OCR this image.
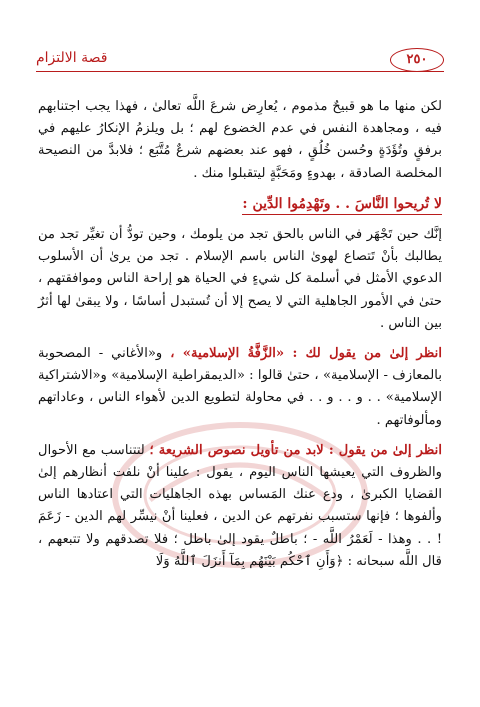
قصة الالتزام	٢٥٠

لكن منها ما هو قبيحٌ مذموم ، يُعارِض شرعَ اللَّه تعالىٰ ، فهذا يجب اجتنابهم فيه ، ومجاهدة النفس في عدم الخضوع لهم ؛ بل ويلزمُ الإنكارُ عليهم في برفقٍ وتُؤَدَةٍ وحُسن خُلُقٍ ، فهو عند بعضهم شرعٌ مُتَّبَع ؛ فلابدَّ من النصيحة المخلصة الصادقة ، بهدوءٍ ومَحَبَّةٍ ليتقبلوا منك .

لا تُريحوا النَّاسَ . . وتَهْدِمُوا الدِّين :

إنَّك حين تَجْهَر في الناس بالحق تجد من يلومك ، وحين تودُّ أن تغيِّر تجد من يطالبك بأنْ تَتصاع لهوىٰ الناس باسم الإسلام . تجد من يرىٰ أن الأسلوب الدعوي الأمثل في أسلمة كل شيءٍ في الحياة هو إراحة الناس وموافقتهم ، حتىٰ في الأمور الجاهلية التي لا يصح إلا أن تُستبدل أساسًا ، ولا يبقىٰ لها أثرٌ بين الناس .

انظر إلىٰ من يقول لك : «الزَّفَّةُ الإسلامية» ، و«الأغاني - المصحوبة بالمعازف - الإسلامية» ، حتىٰ قالوا : «الديمقراطية الإسلامية» و«الاشتراكية الإسلامية» . . و . . و . . في محاولة لتطويع الدين لأهواء الناس ، وعاداتهم ومألوفاتهم .

انظر إلىٰ من يقول : لابد من تأويل نصوص الشريعة ؛ لتتناسب مع الأحوال والظروف التي يعيشها الناس اليوم ، يقول : علينا أنْ نلفت أنظارهم إلىٰ القضايا الكبرىٰ ، ودع عنك المَساس بهذه الجاهليات التي اعتادها الناس وألفوها ؛ فإنها ستسبب نفرتهم عن الدين ، فعلينا أنْ نيسِّر لهم الدين - زَعَمَ ! . . وهذا - لَعَمْرُ اللَّه - ؛ باطلٌ يقود إلىٰ باطل ؛ فلا تصدقهم ولا تتبعهم ، قال اللَّه سبحانه : ﴿وَأَنِ ٱحْكُم بَيْنَهُم بِمَآ أَنزَلَ ٱللَّهُ وَلَا
